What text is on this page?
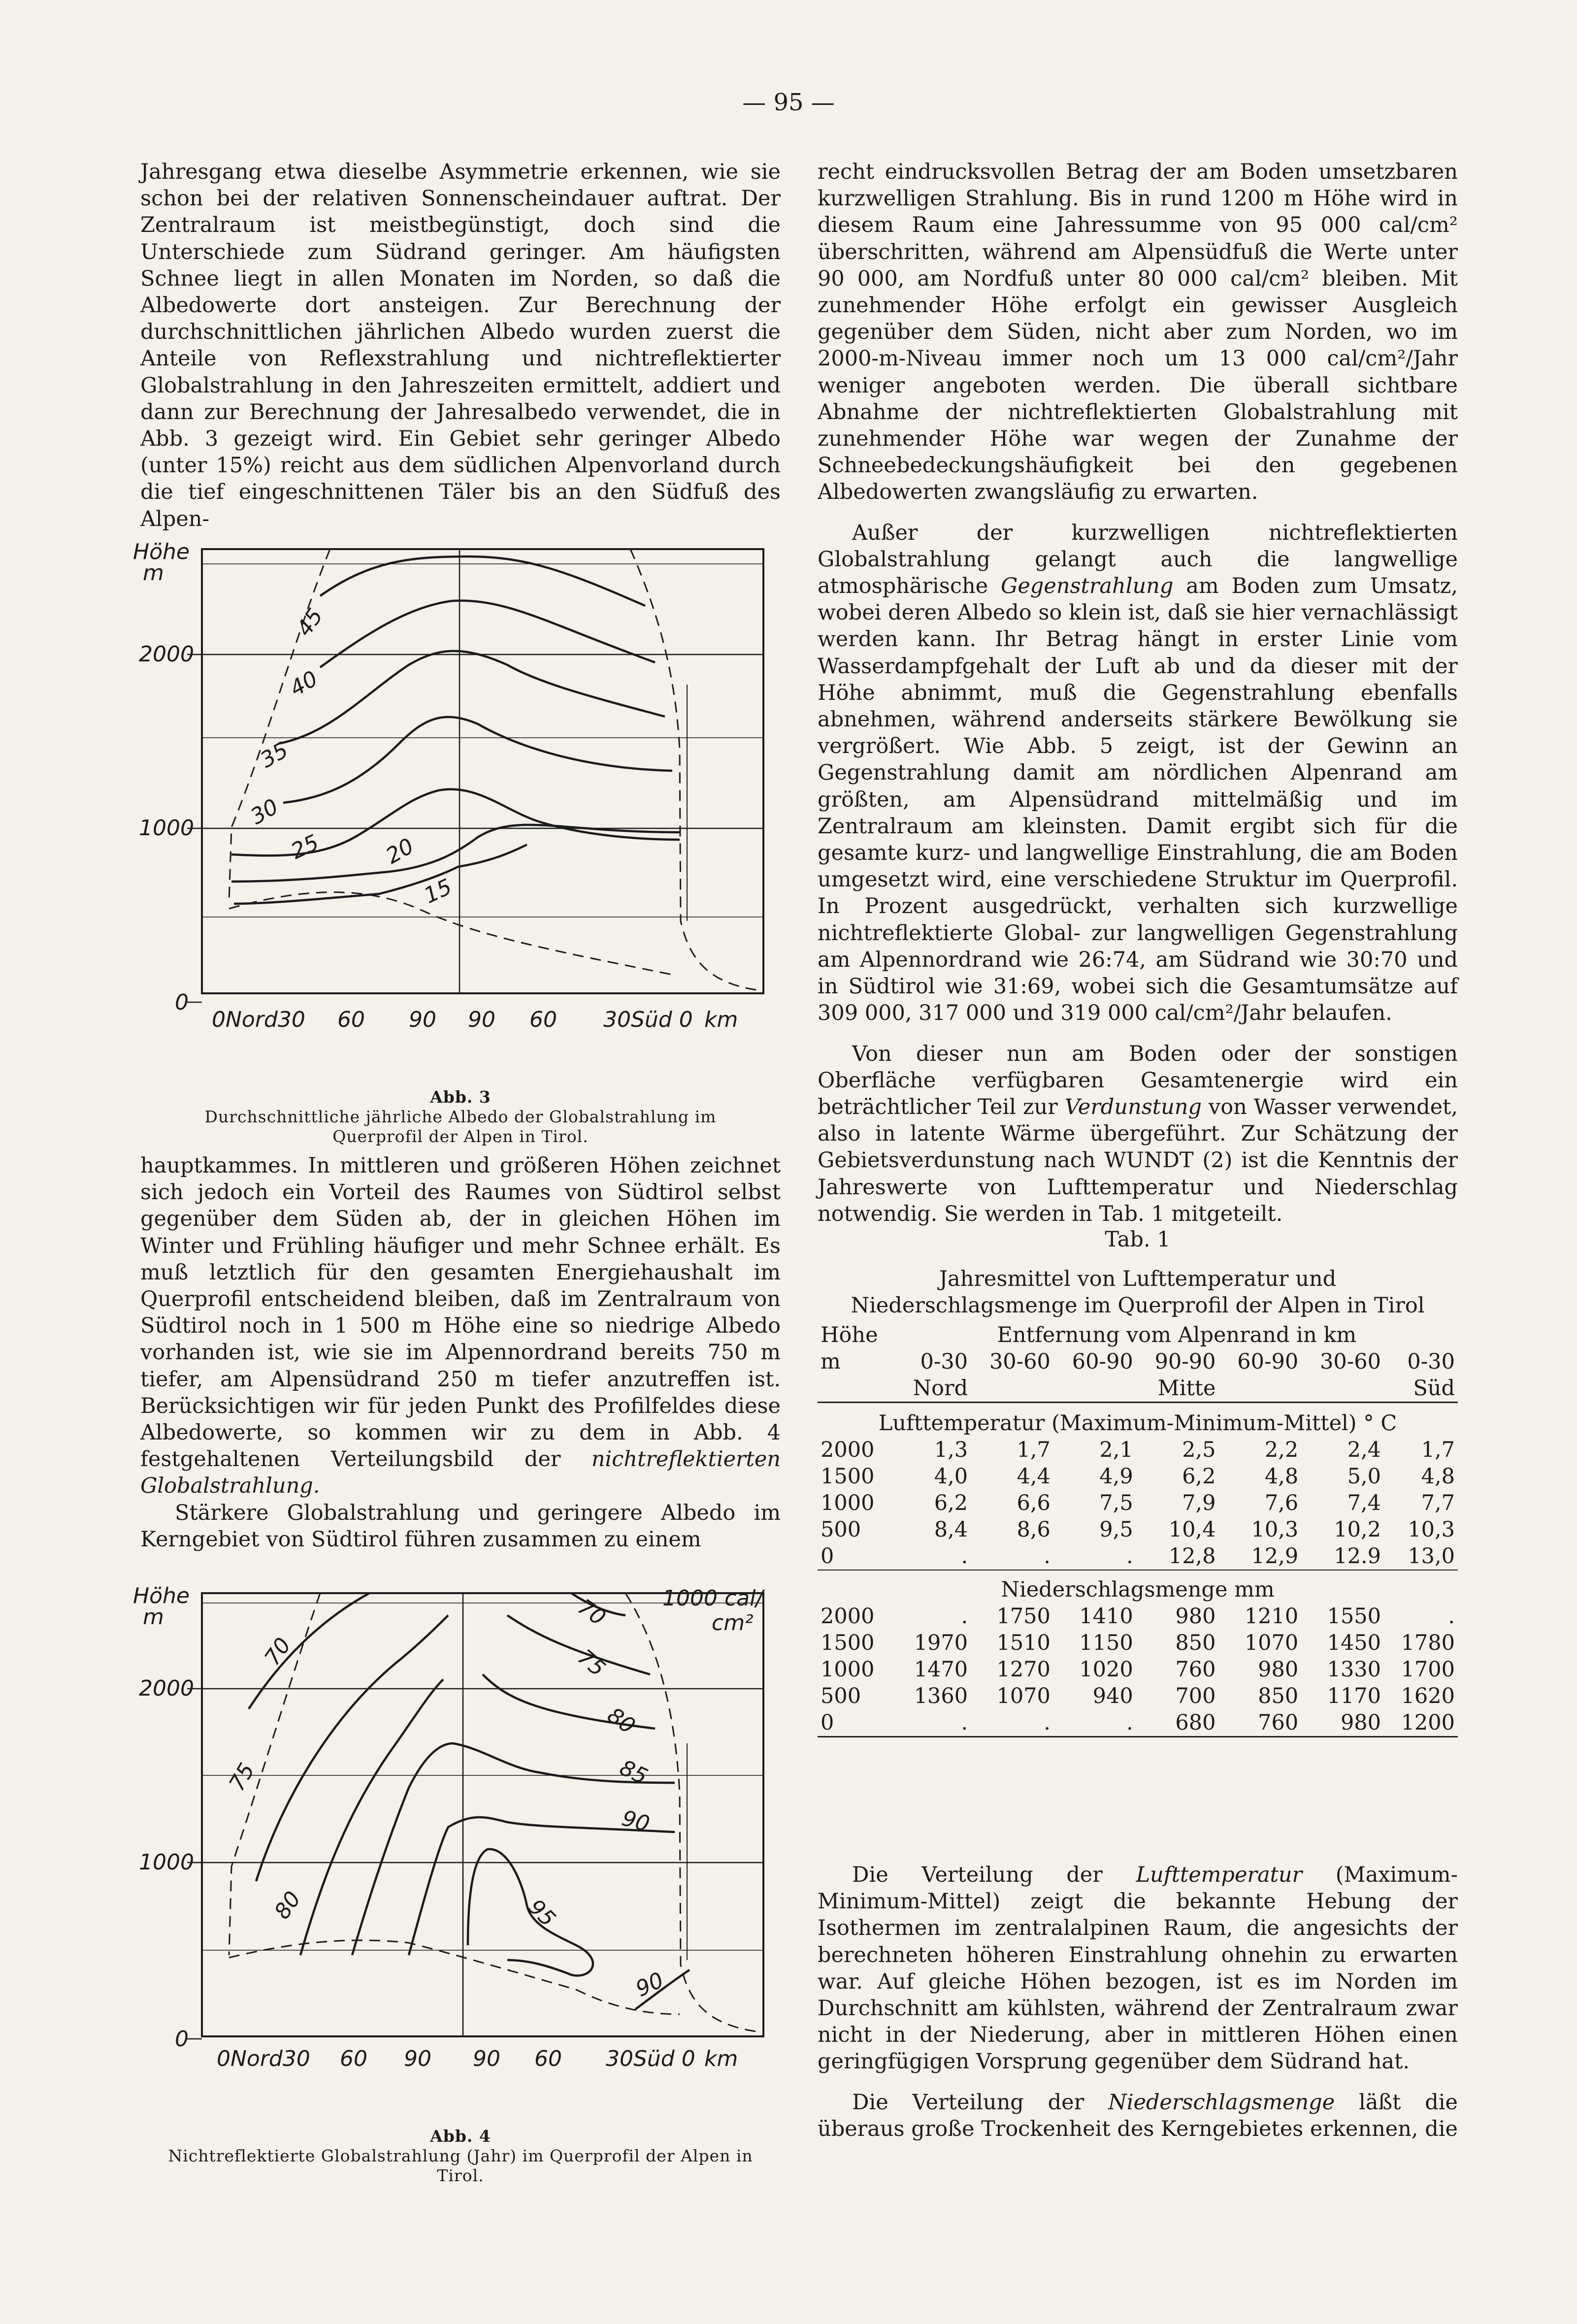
— 95 —

Jahresgang etwa dieselbe Asymmetrie erkennen, wie sie schon bei der relativen Sonnenscheindauer auftrat. Der Zentralraum ist meistbegünstigt, doch sind die Unterschiede zum Südrand geringer. Am häufigsten Schnee liegt in allen Monaten im Norden, so daß die Albedowerte dort ansteigen. Zur Berechnung der durchschnittlichen jährlichen Albedo wurden zuerst die Anteile von Reflexstrahlung und nichtreflektierter Globalstrahlung in den Jahreszeiten ermittelt, addiert und dann zur Berechnung der Jahresalbedo verwendet, die in Abb. 3 gezeigt wird. Ein Gebiet sehr geringer Albedo (unter 15%) reicht aus dem südlichen Alpenvorland durch die tief eingeschnittenen Täler bis an den Südfuß des Alpen-

Höhe
m
2000
1000
0
0Nord30 60 90 90 60 30Süd 0 km
45
40
35
30
25	20
15
Abb. 3
Durchschnittliche jährliche Albedo der Globalstrahlung im Querprofil der Alpen in Tirol.

hauptkammes. In mittleren und größeren Höhen zeichnet sich jedoch ein Vorteil des Raumes von Südtirol selbst gegenüber dem Süden ab, der in gleichen Höhen im Winter und Frühling häufiger und mehr Schnee erhält. Es muß letztlich für den gesamten Energiehaushalt im Querprofil entscheidend bleiben, daß im Zentralraum von Südtirol noch in 1 500 m Höhe eine so niedrige Albedo vorhanden ist, wie sie im Alpennordrand bereits 750 m tiefer, am Alpensüdrand 250 m tiefer anzutreffen ist. Berücksichtigen wir für jeden Punkt des Profilfeldes diese Albedowerte, so kommen wir zu dem in Abb. 4 festgehaltenen Verteilungsbild der nichtreflektierten Globalstrahlung.

Stärkere Globalstrahlung und geringere Albedo im Kerngebiet von Südtirol führen zusammen zu einem

Höhe
m
2000
1000
0
0Nord30 60 90 90 60 30Süd 0 km
1000 cal/
cm²
70
70
75
75
80
80
85
90
95
90
Abb. 4
Nichtreflektierte Globalstrahlung (Jahr) im Querprofil der Alpen in Tirol.

recht eindrucksvollen Betrag der am Boden umsetzbaren kurzwelligen Strahlung. Bis in rund 1200 m Höhe wird in diesem Raum eine Jahressumme von 95 000 cal/cm² überschritten, während am Alpensüdfuß die Werte unter 90 000, am Nordfuß unter 80 000 cal/cm² bleiben. Mit zunehmender Höhe erfolgt ein gewisser Ausgleich gegenüber dem Süden, nicht aber zum Norden, wo im 2000-m-Niveau immer noch um 13 000 cal/cm²/Jahr weniger angeboten werden. Die überall sichtbare Abnahme der nichtreflektierten Globalstrahlung mit zunehmender Höhe war wegen der Zunahme der Schneebedeckungshäufigkeit bei den gegebenen Albedowerten zwangsläufig zu erwarten.

Außer der kurzwelligen nichtreflektierten Globalstrahlung gelangt auch die langwellige atmosphärische Gegenstrahlung am Boden zum Umsatz, wobei deren Albedo so klein ist, daß sie hier vernachlässigt werden kann. Ihr Betrag hängt in erster Linie vom Wasserdampfgehalt der Luft ab und da dieser mit der Höhe abnimmt, muß die Gegenstrahlung ebenfalls abnehmen, während anderseits stärkere Bewölkung sie vergrößert. Wie Abb. 5 zeigt, ist der Gewinn an Gegenstrahlung damit am nördlichen Alpenrand am größten, am Alpensüdrand mittelmäßig und im Zentralraum am kleinsten. Damit ergibt sich für die gesamte kurz- und langwellige Einstrahlung, die am Boden umgesetzt wird, eine verschiedene Struktur im Querprofil. In Prozent ausgedrückt, verhalten sich kurzwellige nichtreflektierte Global- zur langwelligen Gegenstrahlung am Alpennordrand wie 26:74, am Südrand wie 30:70 und in Südtirol wie 31:69, wobei sich die Gesamtumsätze auf 309 000, 317 000 und 319 000 cal/cm²/Jahr belaufen.

Von dieser nun am Boden oder der sonstigen Oberfläche verfügbaren Gesamtenergie wird ein beträchtlicher Teil zur Verdunstung von Wasser verwendet, also in latente Wärme übergeführt. Zur Schätzung der Gebietsverdunstung nach WUNDT (2) ist die Kenntnis der Jahreswerte von Lufttemperatur und Niederschlag notwendig. Sie werden in Tab. 1 mitgeteilt.

Tab. 1
Jahresmittel von Lufttemperatur und Niederschlagsmenge im Querprofil der Alpen in Tirol
Höhe	Entfernung vom Alpenrand in km						
m	0-30	30-60	60-90	90-90	60-90	30-60	0-30
	Nord			Mitte			Süd

Lufttemperatur (Maximum-Minimum-Mittel) ° C							
2000	1,3	1,7	2,1	2,5	2,2	2,4	1,7
1500	4,0	4,4	4,9	6,2	4,8	5,0	4,8
1000	6,2	6,6	7,5	7,9	7,6	7,4	7,7
500	8,4	8,6	9,5	10,4	10,3	10,2	10,3
0	.	.	.	12,8	12,9	12.9	13,0

Niederschlagsmenge mm							
2000	.	1750	1410	980	1210	1550	.
1500	1970	1510	1150	850	1070	1450	1780
1000	1470	1270	1020	760	980	1330	1700
500	1360	1070	940	700	850	1170	1620
0	.	.	.	680	760	980	1200

Die Verteilung der Lufttemperatur (Maximum-Minimum-Mittel) zeigt die bekannte Hebung der Isothermen im zentralalpinen Raum, die angesichts der berechneten höheren Einstrahlung ohnehin zu erwarten war. Auf gleiche Höhen bezogen, ist es im Norden im Durchschnitt am kühlsten, während der Zentralraum zwar nicht in der Niederung, aber in mittleren Höhen einen geringfügigen Vorsprung gegenüber dem Südrand hat.

Die Verteilung der Niederschlagsmenge läßt die überaus große Trockenheit des Kerngebietes erkennen, die
